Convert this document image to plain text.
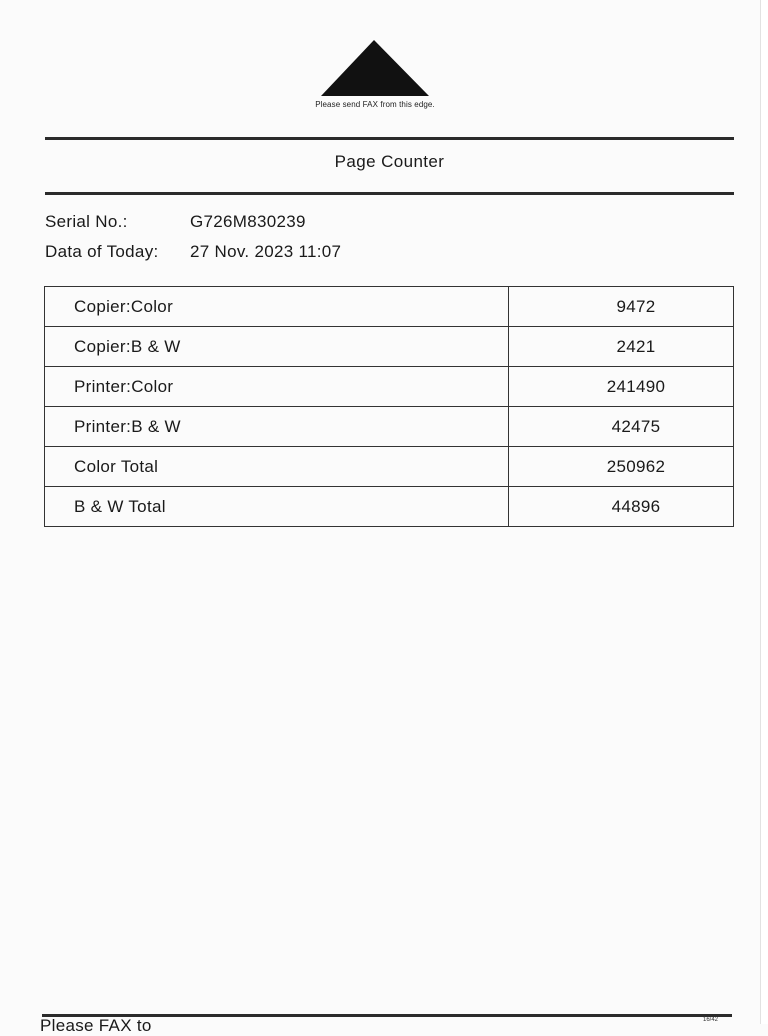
Please send FAX from this edge.
Page Counter
Serial No.:	G726M830239
Data of Today: 27 Nov. 2023 11:07
Copier:Color	9472
Copier:B & W	2421
Printer:Color	241490
Printer:B & W	42475
Color Total	250962
B & W Total	44896
Please FAX to	16/42
